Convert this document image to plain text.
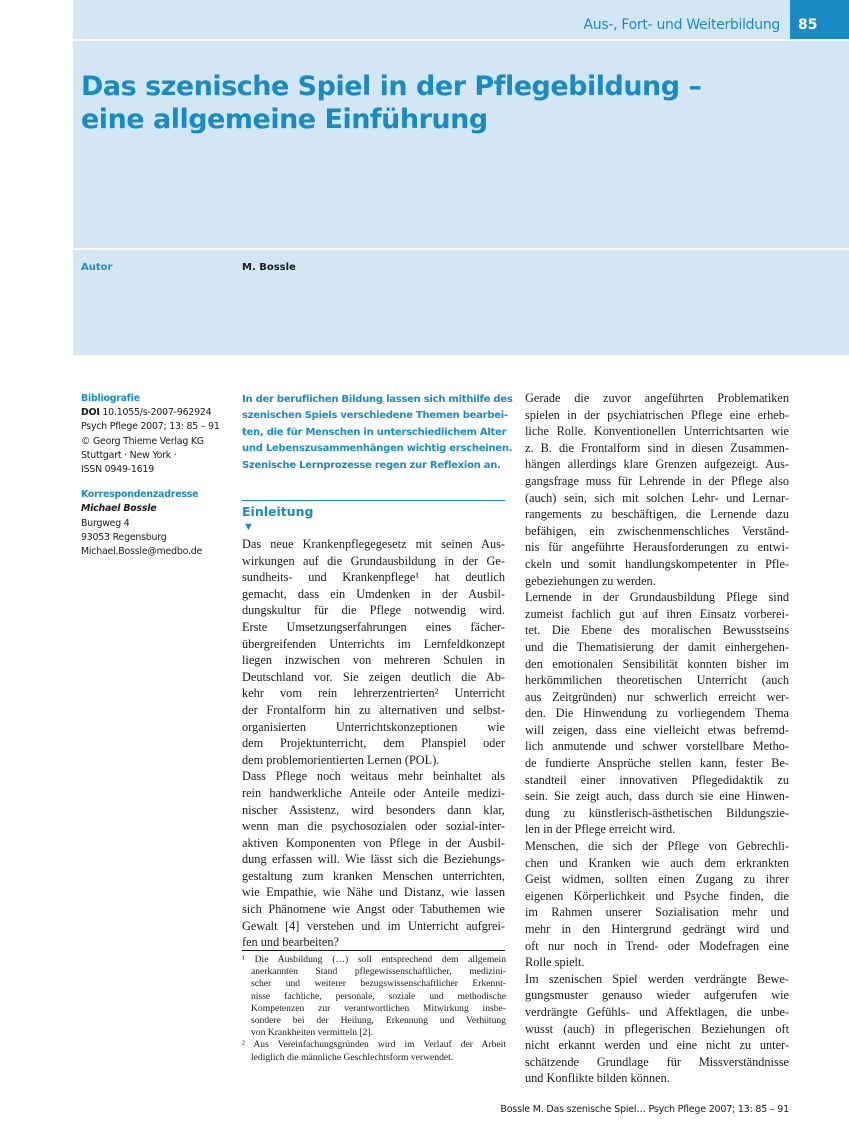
Aus-, Fort- und Weiterbildung 85
Das szenische Spiel in der Pflegebildung –
eine allgemeine Einführung
Autor	M. Bossle
Bibliografie
DOI 10.1055/s-2007-962924
Psych Pflege 2007; 13: 85 – 91
© Georg Thieme Verlag KG
Stuttgart · New York ·
ISSN 0949-1619
Korrespondenzadresse
Michael Bossle
Burgweg 4
93053 Regensburg
Michael.Bossle@medbo.de
In der beruflichen Bildung lassen sich mithilfe des
szenischen Spiels verschiedene Themen bearbei-
ten, die für Menschen in unterschiedlichem Alter
und Lebenszusammenhängen wichtig erscheinen.
Szenische Lernprozesse regen zur Reflexion an.
Einleitung
▼
Das neue Krankenpflegegesetz mit seinen Aus-
wirkungen auf die Grundausbildung in der Ge-
sundheits- und Krankenpflege¹ hat deutlich
gemacht, dass ein Umdenken in der Ausbil-
dungskultur für die Pflege notwendig wird.
Erste Umsetzungserfahrungen eines fächer-
übergreifenden Unterrichts im Lernfeldkonzept
liegen inzwischen von mehreren Schulen in
Deutschland vor. Sie zeigen deutlich die Ab-
kehr vom rein lehrerzentrierten² Unterricht
der Frontalform hin zu alternativen und selbst-
organisierten Unterrichtskonzeptionen wie
dem Projektunterricht, dem Planspiel oder
dem problemorientierten Lernen (POL).
Dass Pflege noch weitaus mehr beinhaltet als
rein handwerkliche Anteile oder Anteile medizi-
nischer Assistenz, wird besonders dann klar,
wenn man die psychosozialen oder sozial-inter-
aktiven Komponenten von Pflege in der Ausbil-
dung erfassen will. Wie lässt sich die Beziehungs-
gestaltung zum kranken Menschen unterrichten,
wie Empathie, wie Nähe und Distanz, wie lassen
sich Phänomene wie Angst oder Tabuthemen wie
Gewalt [4] verstehen und im Unterricht aufgrei-
fen und bearbeiten?
¹ Die Ausbildung (…) soll entsprechend dem allgemein
anerkannten Stand pflegewissenschaftlicher, medizini-
scher und weiterer bezugswissenschaftlicher Erkennt-
nisse fachliche, personale, soziale und methodische
Kompetenzen zur verantwortlichen Mitwirkung insbe-
sondere bei der Heilung, Erkennung und Verhütung
von Krankheiten vermitteln [2].
² Aus Vereinfachungsgründen wird im Verlauf der Arbeit
lediglich die männliche Geschlechtsform verwendet.
Gerade die zuvor angeführten Problematiken
spielen in der psychiatrischen Pflege eine erheb-
liche Rolle. Konventionellen Unterrichtsarten wie
z. B. die Frontalform sind in diesen Zusammen-
hängen allerdings klare Grenzen aufgezeigt. Aus-
gangsfrage muss für Lehrende in der Pflege also
(auch) sein, sich mit solchen Lehr- und Lernar-
rangements zu beschäftigen, die Lernende dazu
befähigen, ein zwischenmenschliches Verständ-
nis für angeführte Herausforderungen zu entwi-
ckeln und somit handlungskompetenter in Pfle-
gebeziehungen zu werden.
Lernende in der Grundausbildung Pflege sind
zumeist fachlich gut auf ihren Einsatz vorberei-
tet. Die Ebene des moralischen Bewusstseins
und die Thematisierung der damit einhergehen-
den emotionalen Sensibilität konnten bisher im
herkömmlichen theoretischen Unterricht (auch
aus Zeitgründen) nur schwerlich erreicht wer-
den. Die Hinwendung zu vorliegendem Thema
will zeigen, dass eine vielleicht etwas befremd-
lich anmutende und schwer vorstellbare Metho-
de fundierte Ansprüche stellen kann, fester Be-
standteil einer innovativen Pflegedidaktik zu
sein. Sie zeigt auch, dass durch sie eine Hinwen-
dung zu künstlerisch-ästhetischen Bildungszie-
len in der Pflege erreicht wird.
Menschen, die sich der Pflege von Gebrechli-
chen und Kranken wie auch dem erkrankten
Geist widmen, sollten einen Zugang zu ihrer
eigenen Körperlichkeit und Psyche finden, die
im Rahmen unserer Sozialisation mehr und
mehr in den Hintergrund gedrängt wird und
oft nur noch in Trend- oder Modefragen eine
Rolle spielt.
Im szenischen Spiel werden verdrängte Bewe-
gungsmuster genauso wieder aufgerufen wie
verdrängte Gefühls- und Affektlagen, die unbe-
wusst (auch) in pflegerischen Beziehungen oft
nicht erkannt werden und eine nicht zu unter-
schätzende Grundlage für Missverständnisse
und Konflikte bilden können.
Bossle M. Das szenische Spiel… Psych Pflege 2007; 13: 85 – 91
